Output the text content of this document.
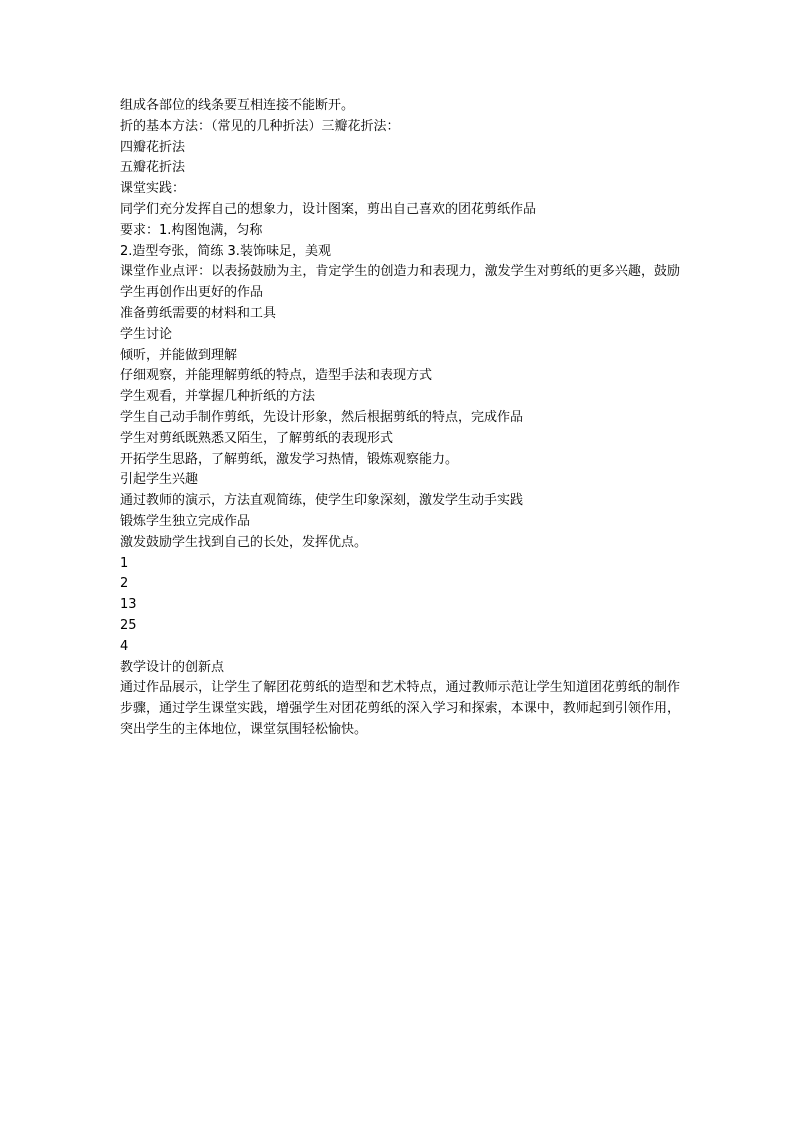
组成各部位的线条要互相连接不能断开。

折的基本方法：（常见的几种折法）三瓣花折法：

四瓣花折法

五瓣花折法

课堂实践：

同学们充分发挥自己的想象力，设计图案，剪出自己喜欢的团花剪纸作品

要求：1.构图饱满，匀称

2.造型夸张，简练 3.装饰味足，美观

课堂作业点评：以表扬鼓励为主，肯定学生的创造力和表现力，激发学生对剪纸的更多兴趣，鼓励学生再创作出更好的作品

准备剪纸需要的材料和工具

学生讨论

倾听，并能做到理解

仔细观察，并能理解剪纸的特点，造型手法和表现方式

学生观看，并掌握几种折纸的方法

学生自己动手制作剪纸，先设计形象，然后根据剪纸的特点，完成作品

学生对剪纸既熟悉又陌生，了解剪纸的表现形式

开拓学生思路，了解剪纸，激发学习热情，锻炼观察能力。

引起学生兴趣

通过教师的演示，方法直观简练，使学生印象深刻，激发学生动手实践

锻炼学生独立完成作品

激发鼓励学生找到自己的长处，发挥优点。

1

2

13

25

4

教学设计的创新点

通过作品展示，让学生了解团花剪纸的造型和艺术特点，通过教师示范让学生知道团花剪纸的制作步骤，通过学生课堂实践，增强学生对团花剪纸的深入学习和探索，本课中，教师起到引领作用，突出学生的主体地位，课堂氛围轻松愉快。
